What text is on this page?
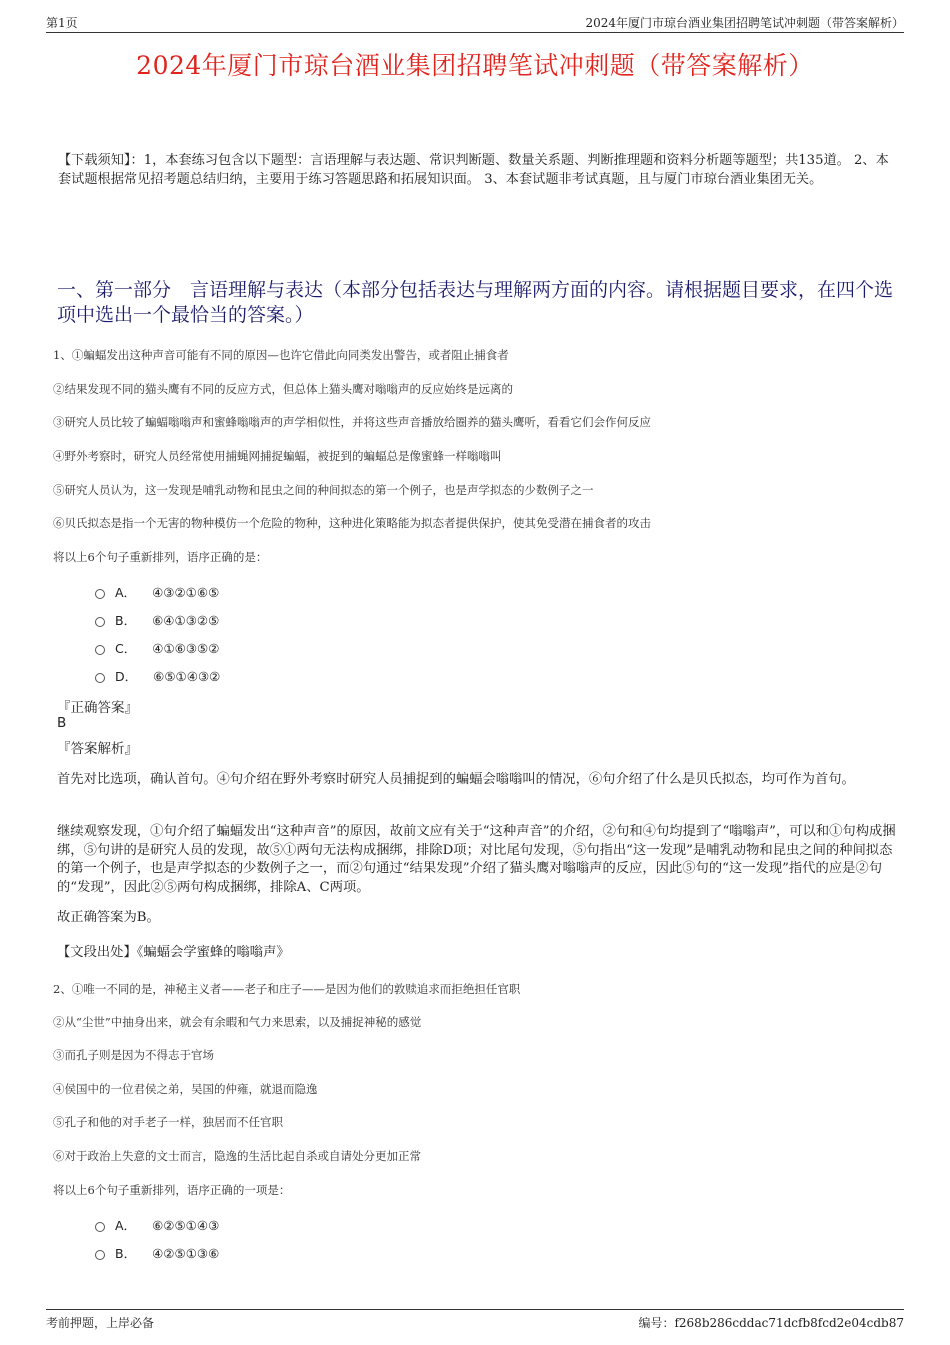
第1页	2024年厦门市琼台酒业集团招聘笔试冲刺题（带答案解析）
2024年厦门市琼台酒业集团招聘笔试冲刺题（带答案解析）
【下载须知】：1，本套练习包含以下题型：言语理解与表达题、常识判断题、数量关系题、判断推理题和资料分析题等题型；共135道。 2、本套试题根据常见招考题总结归纳，主要用于练习答题思路和拓展知识面。 3、本套试题非考试真题，且与厦门市琼台酒业集团无关。
一、第一部分　言语理解与表达（本部分包括表达与理解两方面的内容。请根据题目要求，在四个选项中选出一个最恰当的答案。）
1、①蝙蝠发出这种声音可能有不同的原因—也许它借此向同类发出警告，或者阻止捕食者
②结果发现不同的猫头鹰有不同的反应方式，但总体上猫头鹰对嗡嗡声的反应始终是远离的
③研究人员比较了蝙蝠嗡嗡声和蜜蜂嗡嗡声的声学相似性，并将这些声音播放给圈养的猫头鹰听，看看它们会作何反应
④野外考察时，研究人员经常使用捕蝇网捕捉蝙蝠，被捉到的蝙蝠总是像蜜蜂一样嗡嗡叫
⑤研究人员认为，这一发现是哺乳动物和昆虫之间的种间拟态的第一个例子，也是声学拟态的少数例子之一
⑥贝氏拟态是指一个无害的物种模仿一个危险的物种，这种进化策略能为拟态者提供保护，使其免受潜在捕食者的攻击
将以上6个句子重新排列，语序正确的是：
A． ④③②①⑥⑤
B． ⑥④①③②⑤
C． ④①⑥③⑤②
D． ⑥⑤①④③②
『正确答案』
B
『答案解析』
首先对比选项，确认首句。④句介绍在野外考察时研究人员捕捉到的蝙蝠会嗡嗡叫的情况，⑥句介绍了什么是贝氏拟态，均可作为首句。
继续观察发现，①句介绍了蝙蝠发出“这种声音”的原因，故前文应有关于“这种声音”的介绍，②句和④句均提到了“嗡嗡声”，可以和①句构成捆绑，⑤句讲的是研究人员的发现，故⑤①两句无法构成捆绑，排除D项；对比尾句发现，⑤句指出“这一发现”是哺乳动物和昆虫之间的种间拟态的第一个例子，也是声学拟态的少数例子之一，而②句通过“结果发现”介绍了猫头鹰对嗡嗡声的反应，因此⑤句的“这一发现”指代的应是②句的“发现”，因此②⑤两句构成捆绑，排除A、C两项。
故正确答案为B。
【文段出处】《蝙蝠会学蜜蜂的嗡嗡声》
2、①唯一不同的是，神秘主义者——老子和庄子——是因为他们的敦赎追求而拒绝担任官职
②从“尘世”中抽身出来，就会有余暇和气力来思索，以及捕捉神秘的感觉
③而孔子则是因为不得志于官场
④侯国中的一位君侯之弟，吴国的仲雍，就退而隐逸
⑤孔子和他的对手老子一样，独居而不任官职
⑥对于政治上失意的文士而言，隐逸的生活比起自杀或自请处分更加正常
将以上6个句子重新排列，语序正确的一项是：
A． ⑥②⑤①④③
B． ④②⑤①③⑥
考前押题，上岸必备	编号：f268b286cddac71dcfb8fcd2e04cdb87
